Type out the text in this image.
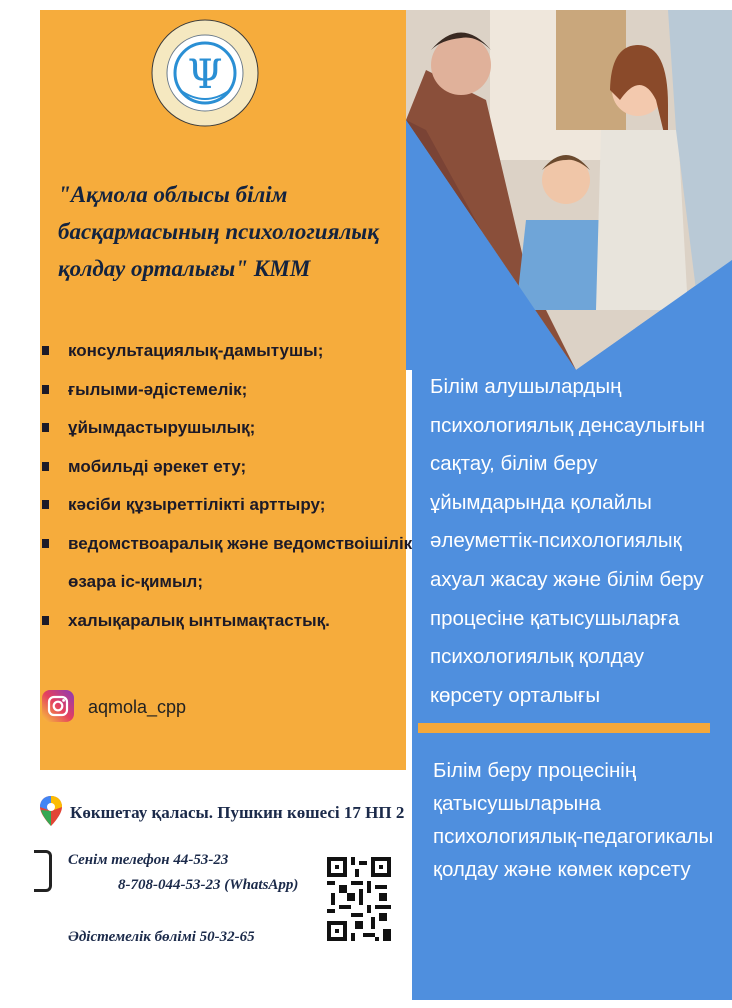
Ψ
"Ақмола облысы білім
басқармасының психологиялық
қолдау орталығы" КММ
консультациялық-дамытушы;
ғылыми-әдістемелік;
ұйымдастырушылық;
мобильді әрекет ету;
кәсіби құзыреттілікті арттыру;
ведомствоаралық және ведомствоішілік
өзара іс-қимыл;
халықаралық ынтымақтастық.
aqmola_cpp
Көкшетау қаласы. Пушкин көшесі 17 НП 2
Сенім телефон 44-53-23
8-708-044-53-23 (WhatsApp)
Әдістемелік бөлімі 50-32-65
Білім алушылардың
психологиялық денсаулығын
сақтау, білім беру
ұйымдарында қолайлы
әлеуметтік-психологиялық
ахуал жасау және білім беру
процесіне қатысушыларға
психологиялық қолдау
көрсету орталығы
Білім беру процесінің
қатысушыларына
психологиялық-педагогикалы
қолдау және көмек көрсету
